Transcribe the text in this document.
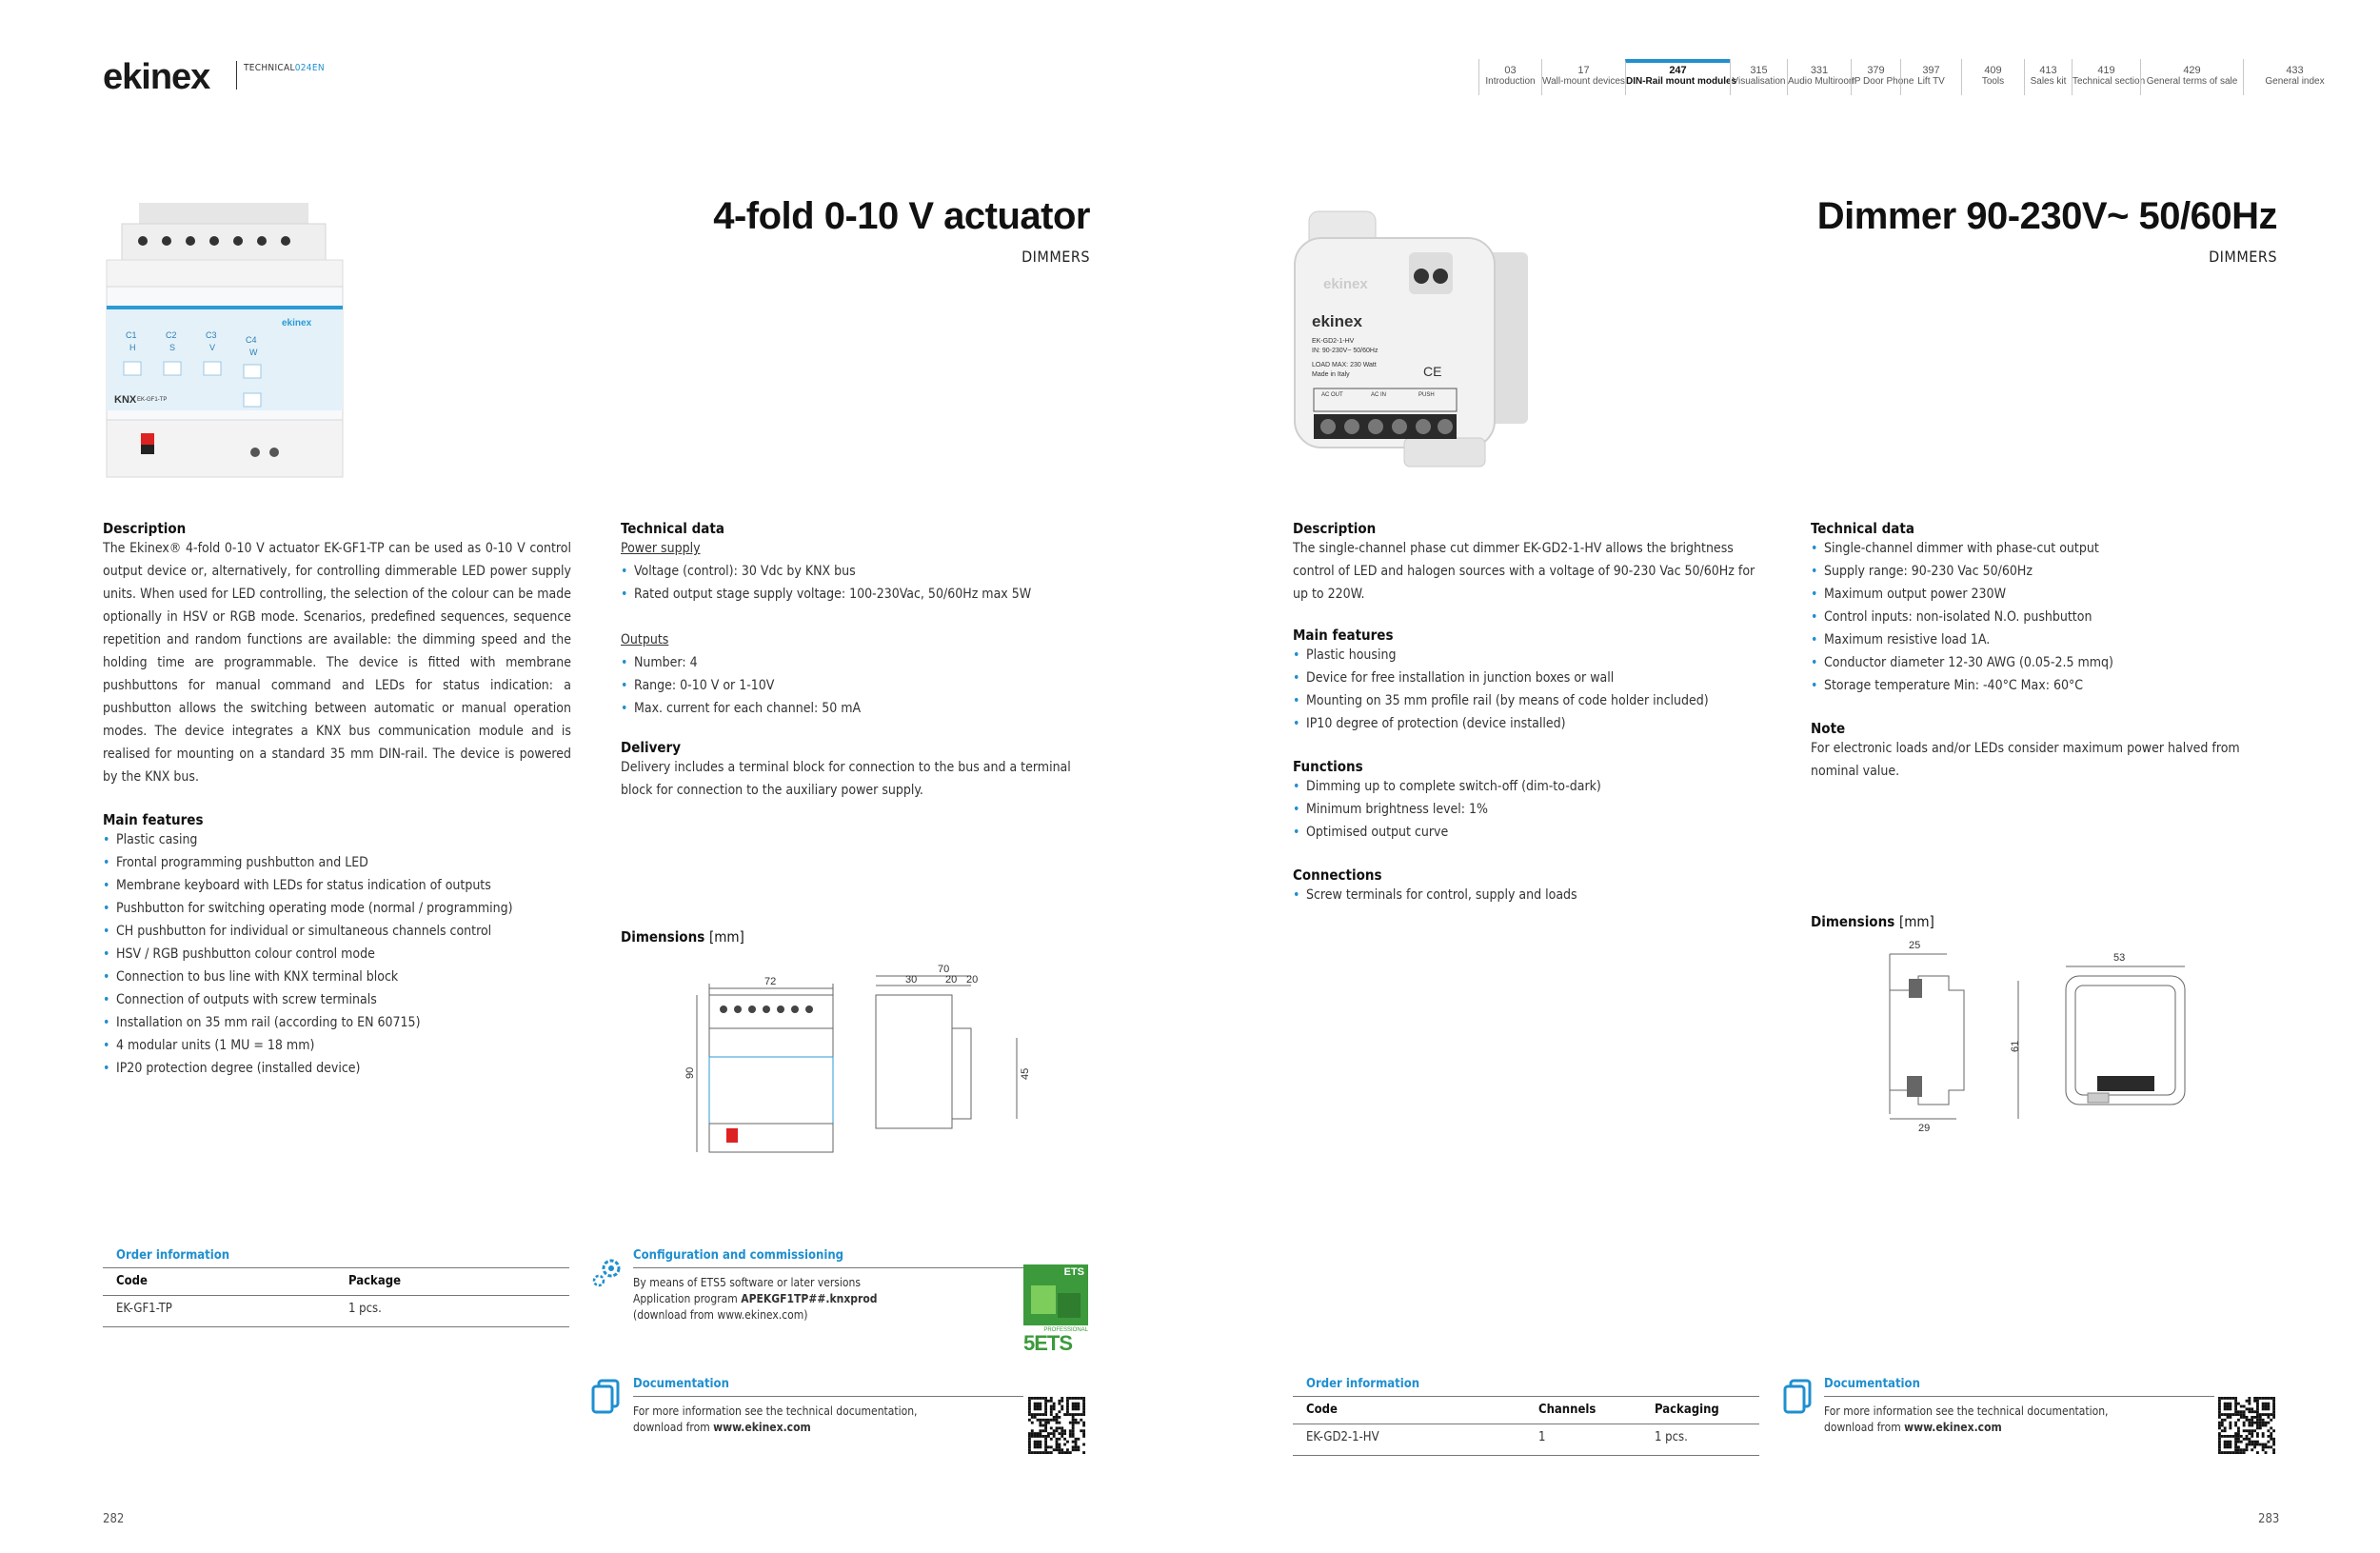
ekinex	TECHNICAL024EN	03
Introduction
17
Wall-mount devices
247
DIN-Rail mount modules
315
Visualisation
331
Audio Multiroom
379
IP Door Phone
397
Lift TV
409
Tools
413
Sales kit
419
Technical section
429
General terms of sale
433
General index
ekinex
C1	C2	C3	C4
H	S	V	W
KNX EK-GF1-TP
4-fold 0-10 V actuator
DIMMERS
Description
The Ekinex® 4-fold 0-10 V actuator EK-GF1-TP can be used as 0-10 V control output device or, alternatively, for controlling dimmerable LED power supply units. When used for LED controlling, the selection of the colour can be made optionally in HSV or RGB mode. Scenarios, predefined sequences, sequence repetition and random functions are available: the dimming speed and the holding time are programmable. The device is fitted with membrane pushbuttons for manual command and LEDs for status indication: a pushbutton allows the switching between automatic or manual operation modes. The device integrates a KNX bus communication module and is realised for mounting on a standard 35 mm DIN-rail. The device is powered by the KNX bus.
Main features
• Plastic casing
• Frontal programming pushbutton and LED
• Membrane keyboard with LEDs for status indication of outputs
• Pushbutton for switching operating mode (normal / programming)
• CH pushbutton for individual or simultaneous channels control
• HSV / RGB pushbutton colour control mode
• Connection to bus line with KNX terminal block
• Connection of outputs with screw terminals
• Installation on 35 mm rail (according to EN 60715)
• 4 modular units (1 MU = 18 mm)
• IP20 protection degree (installed device)
Technical data
Power supply
• Voltage (control): 30 Vdc by KNX bus
• Rated output stage supply voltage: 100-230Vac, 50/60Hz max 5W
Outputs
• Number: 4
• Range: 0-10 V or 1-10V
• Max. current for each channel: 50 mA
Delivery
Delivery includes a terminal block for connection to the bus and a terminal block for connection to the auxiliary power supply.
Dimensions [mm]
72
70
30	20 20
90	45
Order information
Code	Package
EK-GF1-TP	1 pcs.
Configuration and commissioning
By means of ETS5 software or later versions
Application program APEKGF1TP##.knxprod
(download from www.ekinex.com)
ETS
PROFESSIONAL
5ETS
Documentation
For more information see the technical documentation,
download from www.ekinex.com
282
ekinex
ekinex
EK-GD2-1-HV
IN: 90-230V~ 50/60Hz
LOAD MAX: 230 Watt
Made in Italy	CE
AC OUT	AC IN	PUSH
Dimmer 90-230V~ 50/60Hz
DIMMERS
Description
The single-channel phase cut dimmer EK-GD2-1-HV allows the brightness control of LED and halogen sources with a voltage of 90-230 Vac 50/60Hz for up to 220W.
Main features
• Plastic housing
• Device for free installation in junction boxes or wall
• Mounting on 35 mm profile rail (by means of code holder included)
• IP10 degree of protection (device installed)
Functions
• Dimming up to complete switch-off (dim-to-dark)
• Minimum brightness level: 1%
• Optimised output curve
Connections
• Screw terminals for control, supply and loads
Technical data
• Single-channel dimmer with phase-cut output
• Supply range: 90-230 Vac 50/60Hz
• Maximum output power 230W
• Control inputs: non-isolated N.O. pushbutton
• Maximum resistive load 1A.
• Conductor diameter 12-30 AWG (0.05-2.5 mmq)
• Storage temperature Min: -40°C Max: 60°C
Note
For electronic loads and/or LEDs consider maximum power halved from nominal value.
Dimensions [mm]
25
53
61
29
Order information
Code	Channels	Packaging
EK-GD2-1-HV	1	1 pcs.
Documentation
For more information see the technical documentation,
download from www.ekinex.com
283
